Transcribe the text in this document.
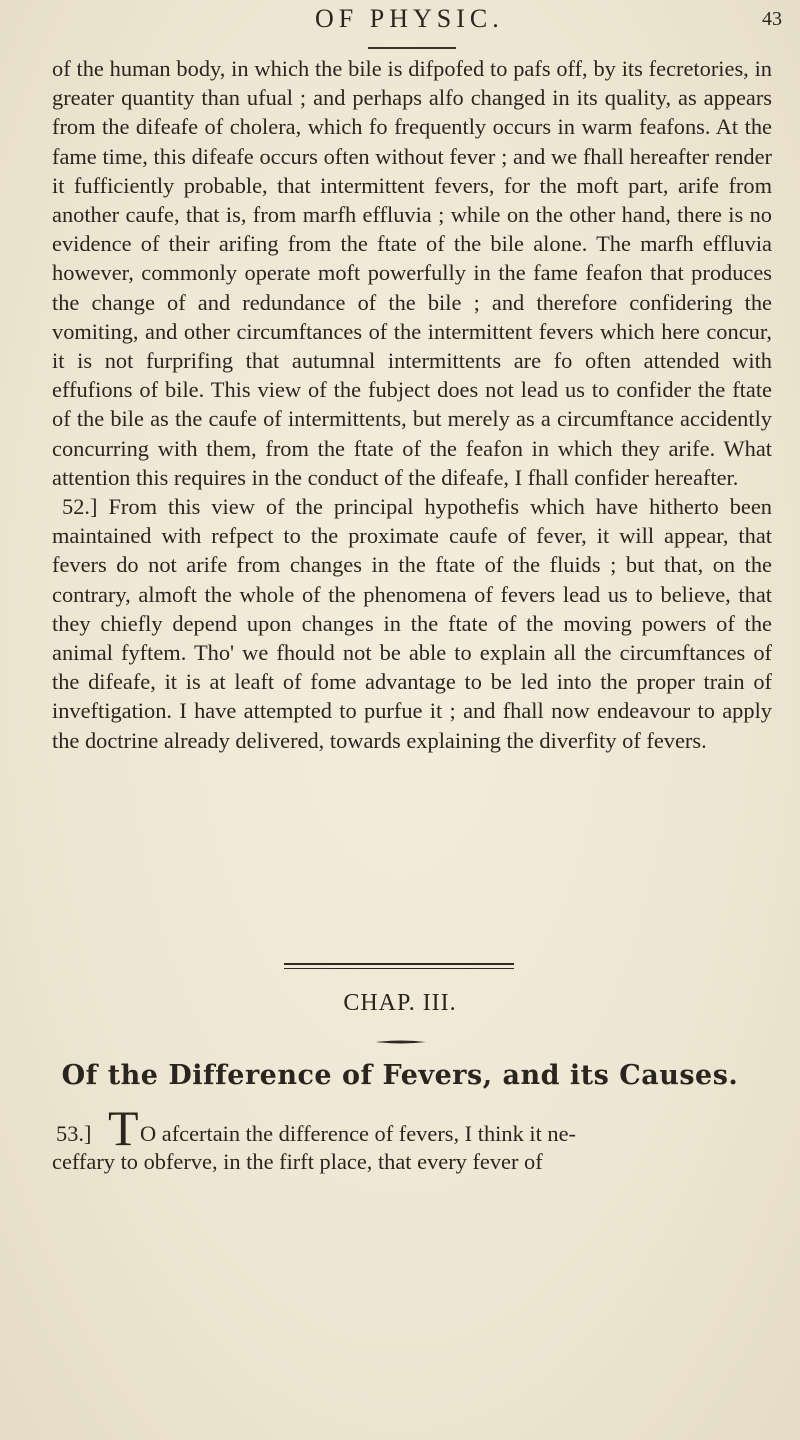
OF PHYSIC.	43

of the human body, in which the bile is difpofed to pafs off, by its fecretories, in greater quantity than ufual ; and perhaps alfo changed in its quality, as appears from the difeafe of cholera, which fo frequently occurs in warm feafons. At the fame time, this difeafe occurs often without fever ; and we fhall hereafter render it fufficiently probable, that intermittent fevers, for the moft part, arife from another caufe, that is, from marfh effluvia ; while on the other hand, there is no evidence of their arifing from the ftate of the bile alone. The marfh effluvia however, commonly operate moft powerfully in the fame feafon that produces the change of and redundance of the bile ; and therefore confidering the vomiting, and other circumftances of the intermittent fevers which here concur, it is not furprifing that autumnal intermittents are fo often attended with effufions of bile. This view of the fubject does not lead us to confider the ftate of the bile as the caufe of intermittents, but merely as a circumftance accidently concurring with them, from the ftate of the feafon in which they arife. What attention this requires in the conduct of the difeafe, I fhall confider hereafter.

52.] From this view of the principal hypothefis which have hitherto been maintained with refpect to the proximate caufe of fever, it will appear, that fevers do not arife from changes in the ftate of the fluids ; but that, on the contrary, almoft the whole of the phenomena of fevers lead us to believe, that they chiefly depend upon changes in the ftate of the moving powers of the animal fyftem. Tho' we fhould not be able to explain all the circumftances of the difeafe, it is at leaft of fome advantage to be led into the proper train of inveftigation. I have attempted to purfue it ; and fhall now endeavour to apply the doctrine already delivered, towards explaining the diverfity of fevers.

CHAP. III.
Of the Difference of Fevers, and its Causes.
53.] T O afcertain the difference of fevers, I think it ne-
ceffary to obferve, in the firft place, that every fever of
